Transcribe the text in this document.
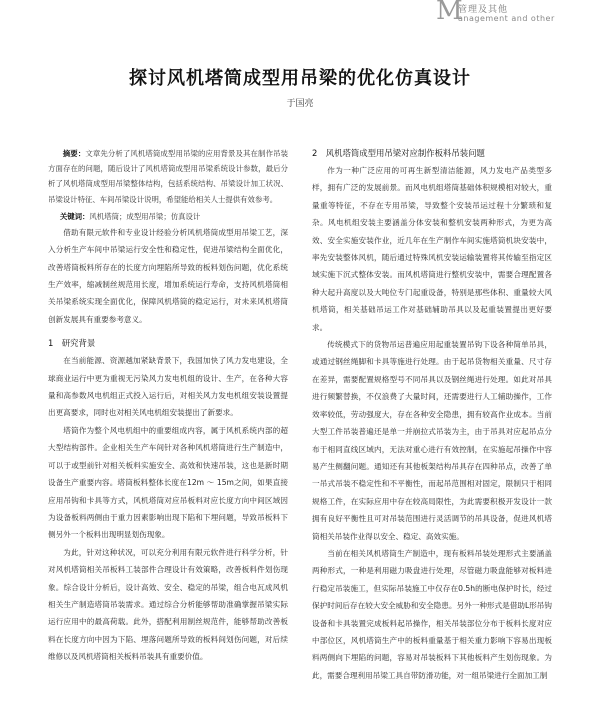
M
管理及其他
anagement and other
探讨风机塔筒成型用吊梁的优化仿真设计
于国亮

摘要：文章先分析了风机塔筒成型用吊梁的应用背景及其在制作吊装方面存在的问题，随后设计了风机塔筒成型用吊梁系统设计参数，最后分析了风机塔筒成型用吊梁整体结构，包括系统结构、吊梁设计加工状况、吊梁设计特征、车间吊梁设计说明，希望能给相关人士提供有效参考。

关键词：风机塔筒；成型用吊梁；仿真设计

借助有限元软件和专业设计经验分析风机塔筒成型用吊梁工艺，深入分析生产车间中吊梁运行安全性和稳定性，促进吊梁结构全面优化，改善塔筒板料所存在的长度方向埋陷所导致的板料划伤问题，优化系统生产效率，缩减制丝规范用长度，增加系统运行寿命，支持风机塔筒相关吊梁系统实现全面优化，保障风机塔筒的稳定运行，对未来风机塔筒创新发展具有重要参考意义。

1　研究背景

在当前能源、资源越加紧缺背景下，我国加快了风力发电建设，全球商业运行中更为重视无污染风力发电机组的设计、生产，在各种大容量和高参数风电机组正式投入运行后，对相关风力发电机组安装设置提出更高要求，同时也对相关风电机组安装提出了新要求。

塔筒作为整个风电机组中的重要组成内容，属于风机系统内部的超大型结构部件。企业相关生产车间针对各种风机塔筒进行生产制造中，可以于或型前针对相关板料实施安全、高效和快速吊装，这也是新时期设备生产重要内容。塔筒板料整体长度在12m ～ 15m之间，如果直接应用吊钩和卡具等方式，风机塔筒对应吊板料对应长度方向中间区域因为设备板料两侧由于重力因素影响出现下陷和下埋问题，导致吊板料下侧另外一个板料出现明显划伤现象。

为此，针对这种状况，可以充分利用有限元软件进行科学分析，针对风机塔筒相关吊板料工装部件合理设计有效策略，改善板料件划伤现象。综合设计分析后，设计高效、安全、稳定的吊梁，组合电瓦成风机相关生产制造塔筒吊装需求。通过综合分析能够帮助准确掌握吊梁实际运行应用中的最高荷载。此外，搭配利用制丝规范件，能够帮助改善板料在长度方向中因为下陷、埋落问题所导致的板料间划伤问题，对后续维修以及风机塔筒相关板料吊装具有重要价值。

2　风机塔筒成型用吊梁对应制作板料吊装问题

作为一种广泛应用的可再生新型清洁能源，风力发电产品类型多样，拥有广泛的发展前景。而风电机组塔筒基础体积规模相对较大，重量重等特征，不存在专用吊梁，导致整个安装吊运过程十分繁琐和复杂。风电机组安装主要涵盖分体安装和整机安装两种形式，为更为高效、安全实施安装作业，近几年在生产制作车间实施塔筒机块安装中，率先安装整体风机，随后通过特殊风机安装运输装置将其传输至指定区域实施下沉式整体安装。而风机塔筒进行整机安装中，需要合理配置各种大起升高度以及大吨位专门起重设备，特别是那些体积、重量较大风机塔筒，相关基础吊运工作对基础辅助吊具以及起重装置提出更好要求。

传统模式下的货物吊运普遍应用起重装置吊钩下设各种简单吊具，或通过钢丝绳脚和卡具等施进行处理。由于起吊货物相关重量、尺寸存在差异，需要配置规格型号不同吊具以及钢丝绳进行处理。如此对吊具进行频繁替换，不仅浪费了大量时间，还需要进行人工辅助操作，工作效率较低，劳动强度大，存在各种安全隐患，拥有较高作业成本。当前大型工件吊装普遍还是单一并崩拉式吊装为主，由于吊具对应起吊点分布于相同直线区域内，无法对重心进行有效控制，在实施起吊操作中容易产生侧翻问题。通知还有其他板架结构吊具存在四种吊点，改善了单一吊式吊装不稳定性和不平衡性，而起吊范围相对固定，限制只于相同规格工件，在实际应用中存在较高局限性，为此需要积极开发设计一款拥有良好平衡性且可对吊装范围进行灵活调节的吊具设备，促进风机塔筒相关吊装作业得以安全、稳定、高效实施。

当前在相关风机塔筒生产制造中，现有板料吊装处理形式主要涵盖两种形式，一种是利用磁力吸盘进行处理，尽管磁力吸盘能够对板料进行稳定吊装施工，但实际吊装施工中仅存在0.5h的断电保护时长，经过保护时间后存在较大安全威胁和安全隐患。另外一种形式是借助L形吊钩设备和卡具装置完成板料起吊操作，相关吊装部位分布于板料长度对应中部位区，风机塔筒生产中的板料重量基于相关重力影响下容易出现板料两侧向下埋陷的问题，容易对吊装板料下其他板料产生划伤现象。为此，需要合理利用吊梁工具自带防滑功能，对一组吊梁进行全面加工制
